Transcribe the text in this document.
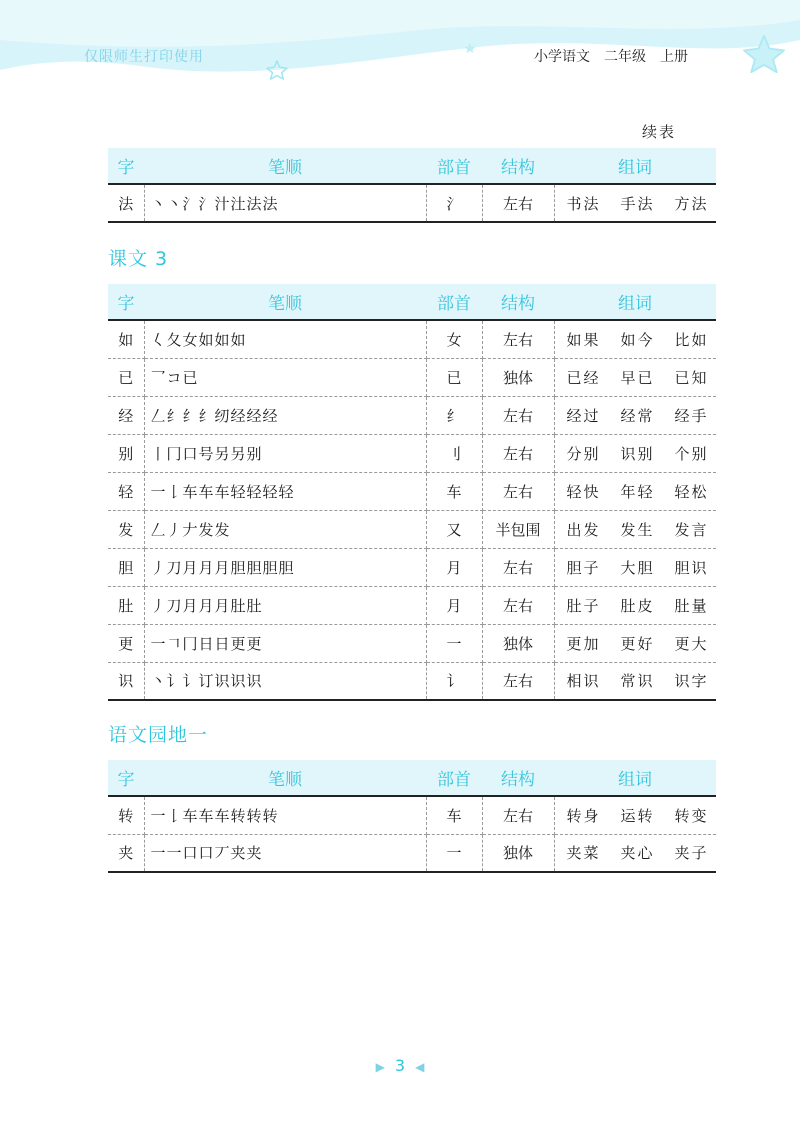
仅限师生打印使用	小学语文 二年级 上册
续表
字	笔顺	部首	结构	组词
法	丶丶氵氵汁汢法法	氵	左右	书法 手法 方法
课文 3
字	笔顺	部首	结构	组词
如	𡿨夂女如如如	女	左右	如果 如今 比如
已	乛コ已	已	独体	已经 早已 已知
经	𠃋纟纟纟纫经经经	纟	左右	经过 经常 经手
别	丨冂口号另另别	刂	左右	分别 识别 个别
轻	一𠄌车车车轻轻轻轻	车	左右	轻快 年轻 轻松
发	𠃋丿𠂇发发	又	半包围	出发 发生 发言
胆	丿刀月月月胆胆胆胆	月	左右	胆子 大胆 胆识
肚	丿刀月月月肚肚	月	左右	肚子 肚皮 肚量
更	一𠃍冂日日更更	一	独体	更加 更好 更大
识	丶讠讠订识识识	讠	左右	相识 常识 识字
语文园地一
字	笔顺	部首	结构	组词
转	一𠄌车车车转转转	车	左右	转身 运转 转变
夹	一一口口丆夹夹	一	独体	夹菜 夹心 夹子
▶ 3 ◀
